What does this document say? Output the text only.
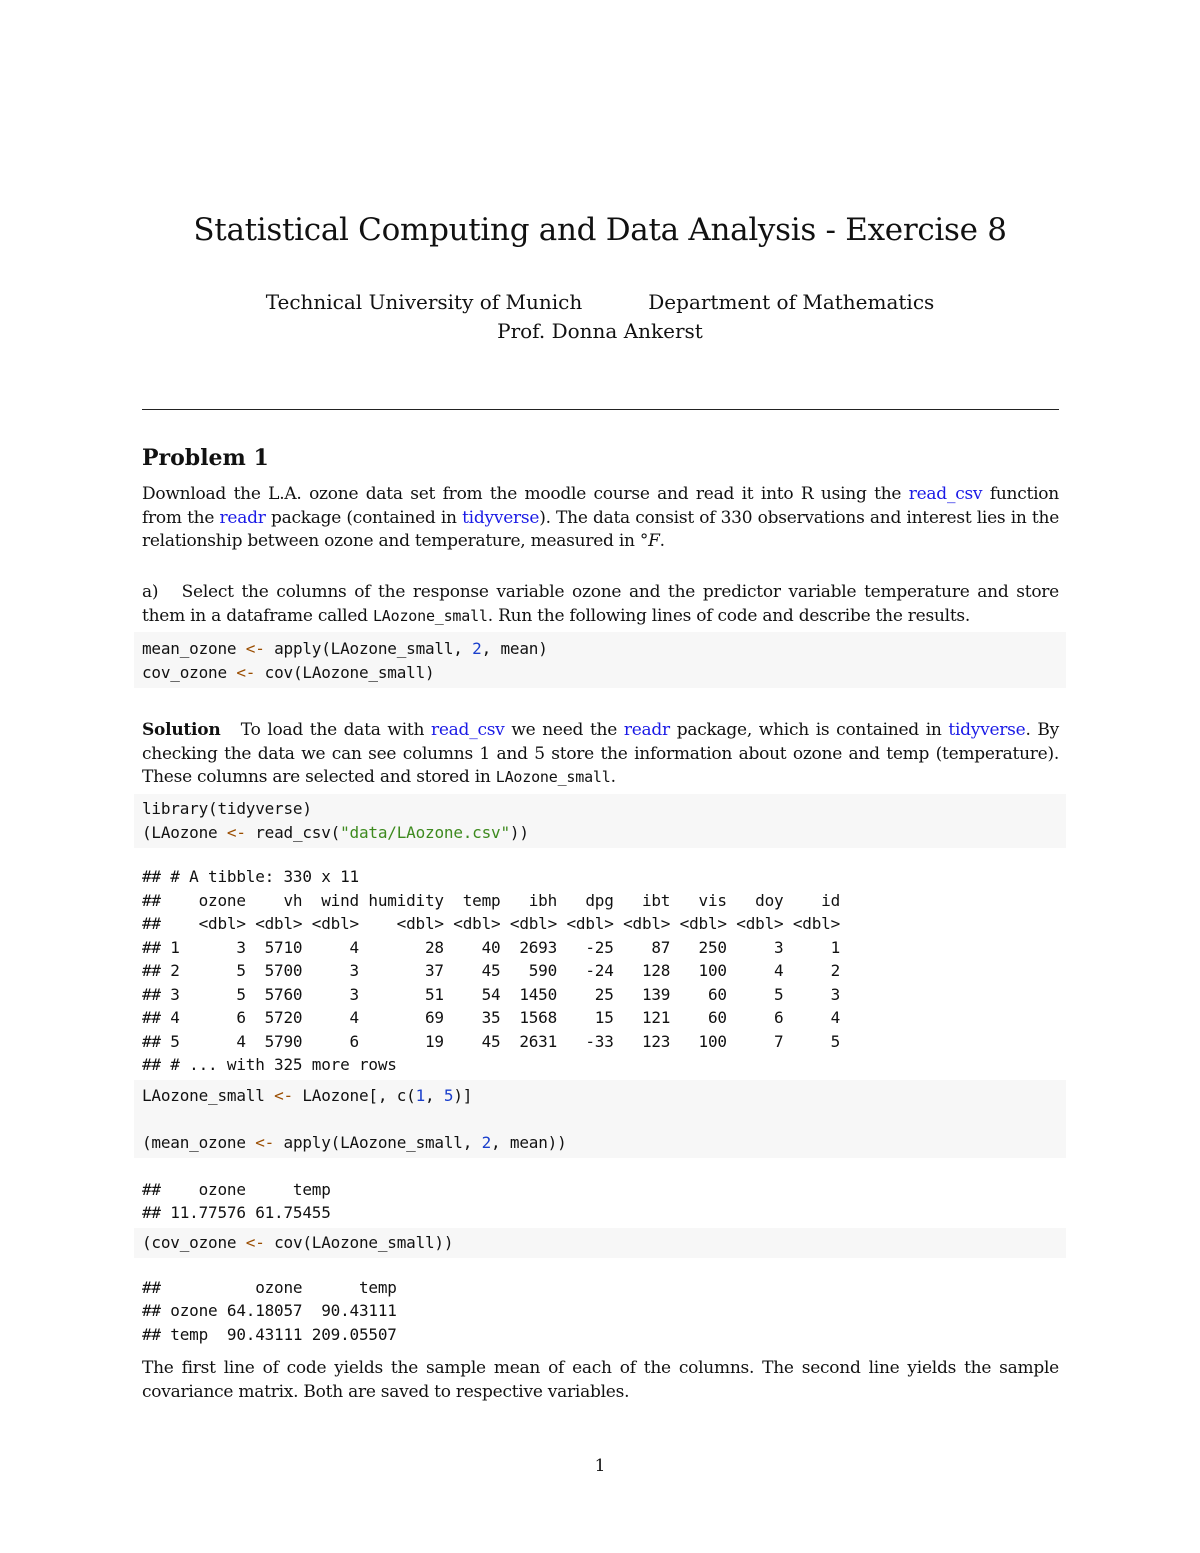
Statistical Computing and Data Analysis - Exercise 8
Technical University of Munich	Department of Mathematics
Prof. Donna Ankerst
Problem 1
Download the L.A. ozone data set from the moodle course and read it into R using the read_csv function from the readr package (contained in tidyverse). The data consist of 330 observations and interest lies in the relationship between ozone and temperature, measured in °F.
a) Select the columns of the response variable ozone and the predictor variable temperature and store them in a dataframe called LAozone_small. Run the following lines of code and describe the results.
mean_ozone <- apply(LAozone_small, 2, mean)
cov_ozone <- cov(LAozone_small)
Solution To load the data with read_csv we need the readr package, which is contained in tidyverse. By checking the data we can see columns 1 and 5 store the information about ozone and temp (temperature). These columns are selected and stored in LAozone_small.
library(tidyverse)
(LAozone <- read_csv("data/LAozone.csv"))
## # A tibble: 330 x 11
##    ozone    vh  wind humidity  temp   ibh   dpg   ibt   vis   doy    id
##    <dbl> <dbl> <dbl>    <dbl> <dbl> <dbl> <dbl> <dbl> <dbl> <dbl> <dbl>
## 1      3  5710     4       28    40  2693   -25    87   250     3     1
## 2      5  5700     3       37    45   590   -24   128   100     4     2
## 3      5  5760     3       51    54  1450    25   139    60     5     3
## 4      6  5720     4       69    35  1568    15   121    60     6     4
## 5      4  5790     6       19    45  2631   -33   123   100     7     5
## # ... with 325 more rows
LAozone_small <- LAozone[, c(1, 5)]
(mean_ozone <- apply(LAozone_small, 2, mean))
##    ozone     temp
## 11.77576 61.75455
(cov_ozone <- cov(LAozone_small))
##          ozone      temp
## ozone 64.18057  90.43111
## temp  90.43111 209.05507
The first line of code yields the sample mean of each of the columns. The second line yields the sample covariance matrix. Both are saved to respective variables.
1
